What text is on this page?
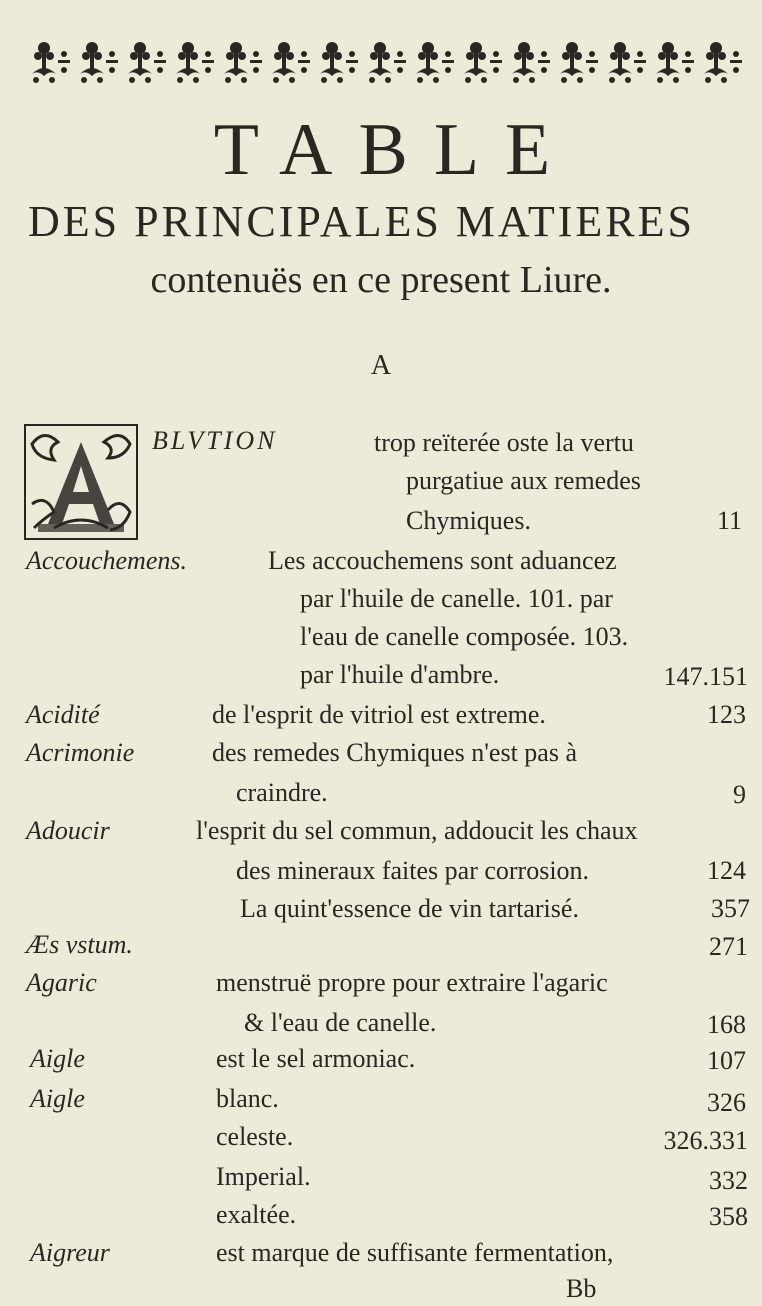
TABLE
DES PRINCIPALES MATIERES
contenuës en ce present Liure.
A
BLVTION	trop reïterée oste la vertu
purgatiue aux remedes
Chymiques.	11
Accouchemens.	Les accouchemens sont aduancez
par l'huile de canelle. 101. par
l'eau de canelle composée. 103.
par l'huile d'ambre.	147.151
Acidité	de l'esprit de vitriol est extreme.	123
Acrimonie	des remedes Chymiques n'est pas à
craindre.	9
Adoucir	l'esprit du sel commun, addoucit les chaux
des mineraux faites par corrosion.	124
La quint'essence de vin tartarisé.	357
Æs vstum.	271
Agaric	menstruë propre pour extraire l'agaric
& l'eau de canelle.	168
Aigle	est le sel armoniac.	107
Aigle	blanc.	326
celeste.	326.331
Imperial.	332
exaltée.	358
Aigreur	est marque de suffisante fermentation,
Bb
